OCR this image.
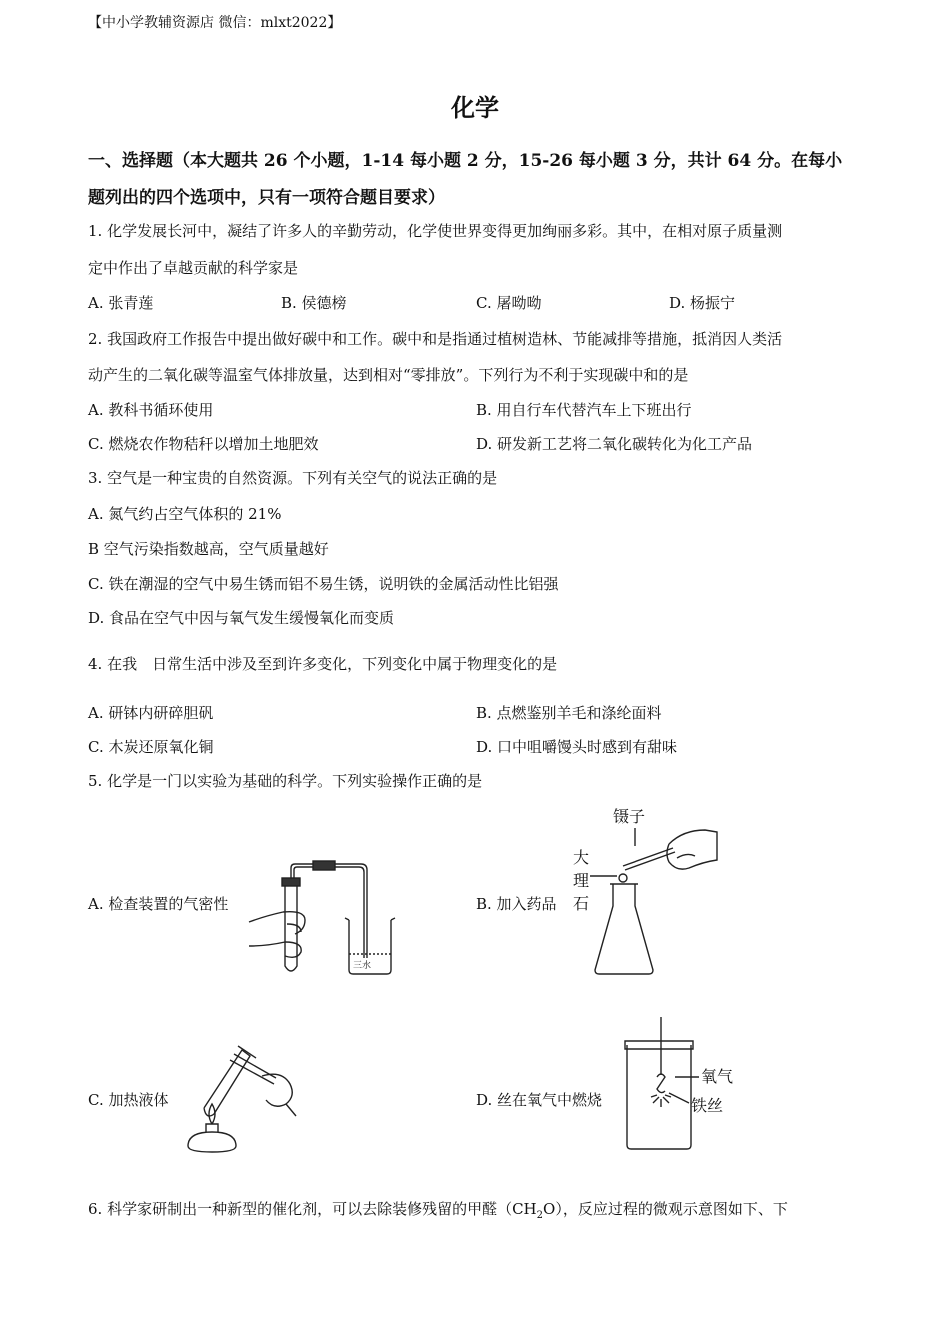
【中小学教辅资源店 微信：mlxt2022】
化学
一、选择题（本大题共 26 个小题，1-14 每小题 2 分，15-26 每小题 3 分，共计 64 分。在每小
题列出的四个选项中，只有一项符合题目要求）
1. 化学发展长河中，凝结了许多人的辛勤劳动，化学使世界变得更加绚丽多彩。其中，在相对原子质量测
定中作出了卓越贡献的科学家是
A. 张青莲	B. 侯德榜	C. 屠呦呦	D. 杨振宁
2. 我国政府工作报告中提出做好碳中和工作。碳中和是指通过植树造林、节能减排等措施，抵消因人类活
动产生的二氧化碳等温室气体排放量，达到相对“零排放”。下列行为不利于实现碳中和的是
A. 教科书循环使用	B. 用自行车代替汽车上下班出行
C. 燃烧农作物秸秆以增加土地肥效	D. 研发新工艺将二氧化碳转化为化工产品
3. 空气是一种宝贵的自然资源。下列有关空气的说法正确的是
A. 氮气约占空气体积的 21%
B 空气污染指数越高，空气质量越好
C. 铁在潮湿的空气中易生锈而铝不易生锈，说明铁的金属活动性比铝强
D. 食品在空气中因与氧气发生缓慢氧化而变质
4. 在我　日常生活中涉及至到许多变化，下列变化中属于物理变化的是
A. 研钵内研碎胆矾	B. 点燃鉴别羊毛和涤纶面料
C. 木炭还原氧化铜	D. 口中咀嚼馒头时感到有甜味
5. 化学是一门以实验为基础的科学。下列实验操作正确的是
A. 检查装置的气密性	B. 加入药品
C. 加热液体	D. 丝在氧气中燃烧
三水
镊子
大
理
石
氧气
铁丝
6. 科学家研制出一种新型的催化剂，可以去除装修残留的甲醛$(CH_2O)$，反应过程的微观示意图如下、下
